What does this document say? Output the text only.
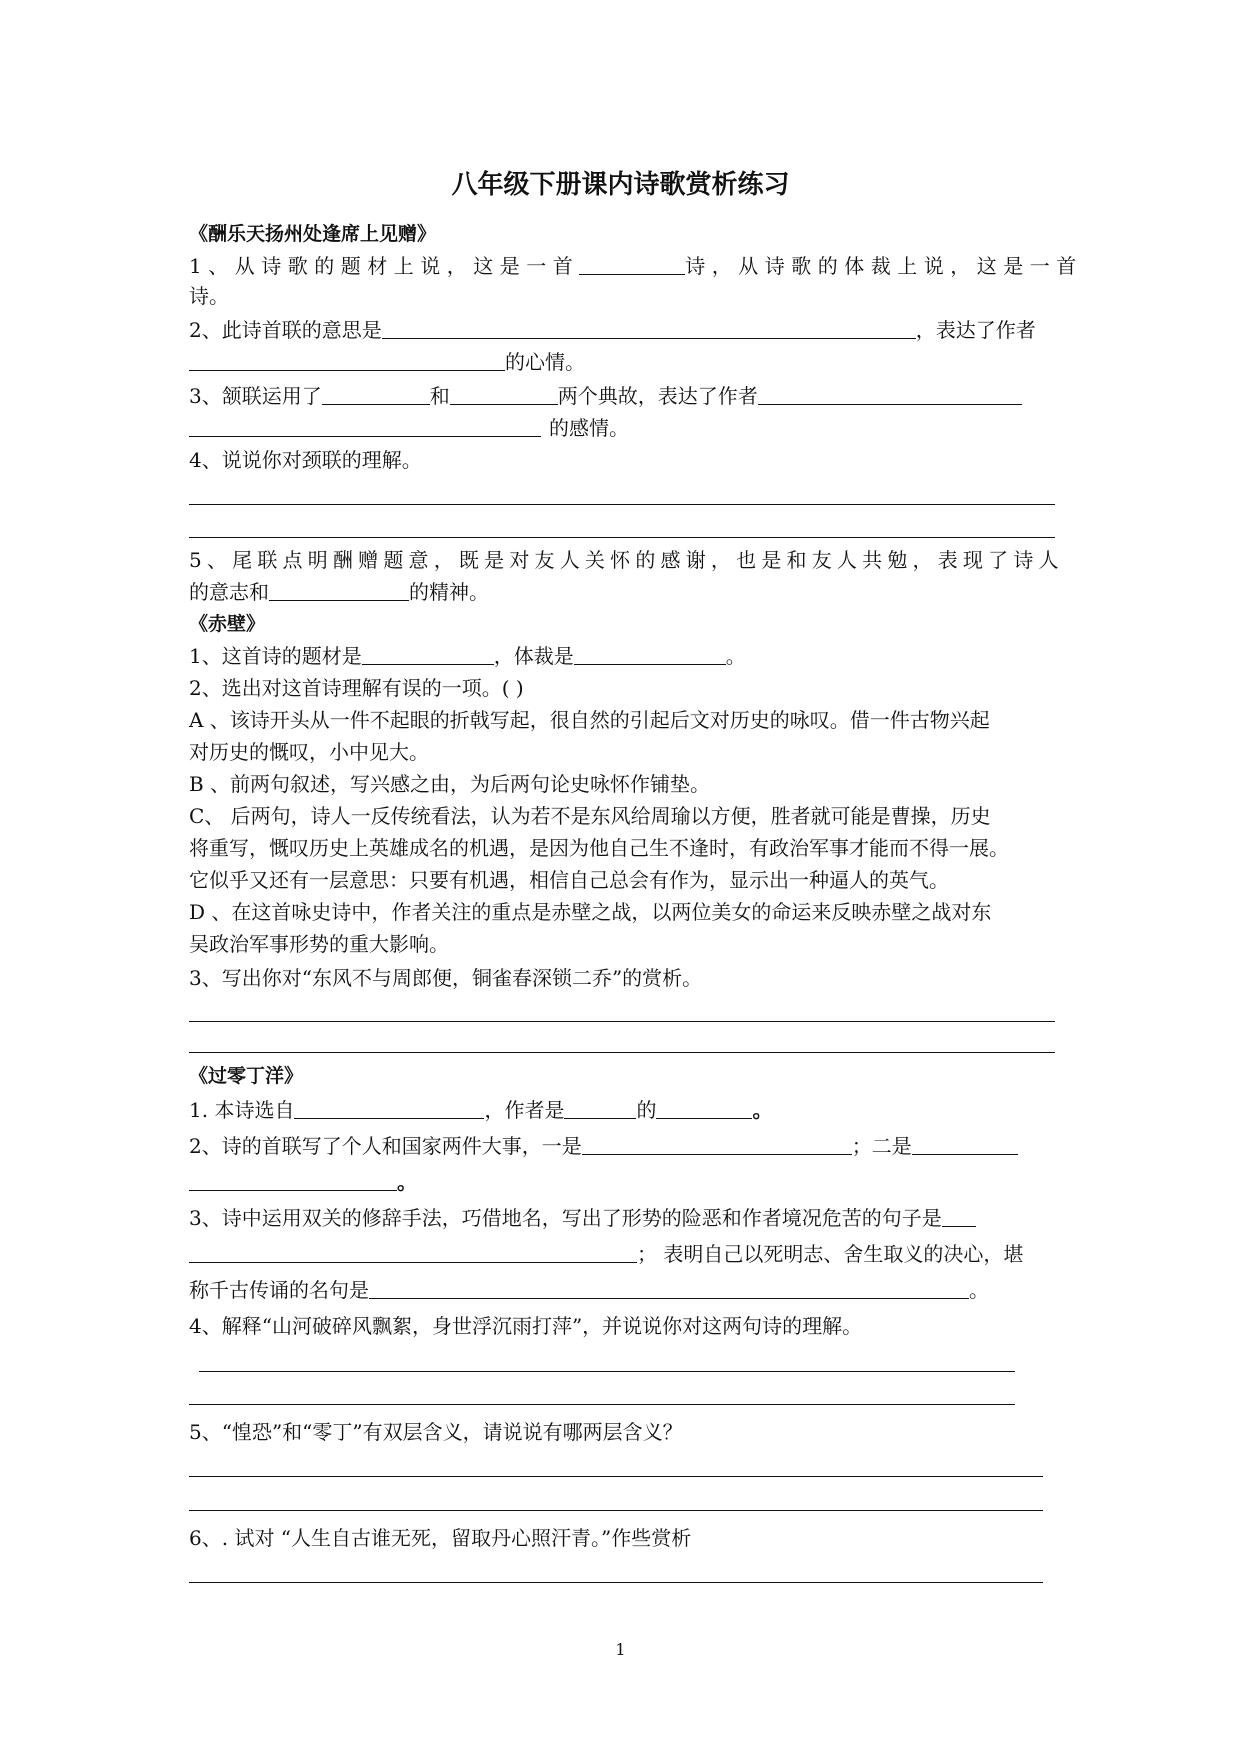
八年级下册课内诗歌赏析练习
《酬乐天扬州处逢席上见赠》
1、从诗歌的题材上说，这是一首	诗，从诗歌的体裁上说，这是一首
诗。
2、此诗首联的意思是	，表达了作者
的心情。
3、颔联运用了	和	两个典故，表达了作者
的感情。
4、说说你对颈联的理解。
5、尾联点明酬赠题意，既是对友人关怀的感谢，也是和友人共勉，表现了诗人
的意志和	的精神。
《赤壁》
1、这首诗的题材是	，体裁是	。
2、选出对这首诗理解有误的一项。( )
A 、该诗开头从一件不起眼的折戟写起，很自然的引起后文对历史的咏叹。借一件古物兴起
对历史的慨叹，小中见大。
B 、前两句叙述，写兴感之由，为后两句论史咏怀作铺垫。
C、 后两句，诗人一反传统看法，认为若不是东风给周瑜以方便，胜者就可能是曹操，历史
将重写，慨叹历史上英雄成名的机遇，是因为他自己生不逢时，有政治军事才能而不得一展。
它似乎又还有一层意思：只要有机遇，相信自己总会有作为，显示出一种逼人的英气。
D 、在这首咏史诗中，作者关注的重点是赤壁之战，以两位美女的命运来反映赤壁之战对东
吴政治军事形势的重大影响。
3、写出你对“东风不与周郎便，铜雀春深锁二乔”的赏析。
《过零丁洋》
1. 本诗选自	，作者是	的	。
2、诗的首联写了个人和国家两件大事，一是	；二是
。
3、诗中运用双关的修辞手法，巧借地名，写出了形势的险恶和作者境况危苦的句子是
； 表明自己以死明志、舍生取义的决心，堪
称千古传诵的名句是	。
4、解释“山河破碎风飘絮，身世浮沉雨打萍”，并说说你对这两句诗的理解。
5、“惶恐”和“零丁”有双层含义，请说说有哪两层含义？
6、. 试对 “人生自古谁无死，留取丹心照汗青。”作些赏析
1
